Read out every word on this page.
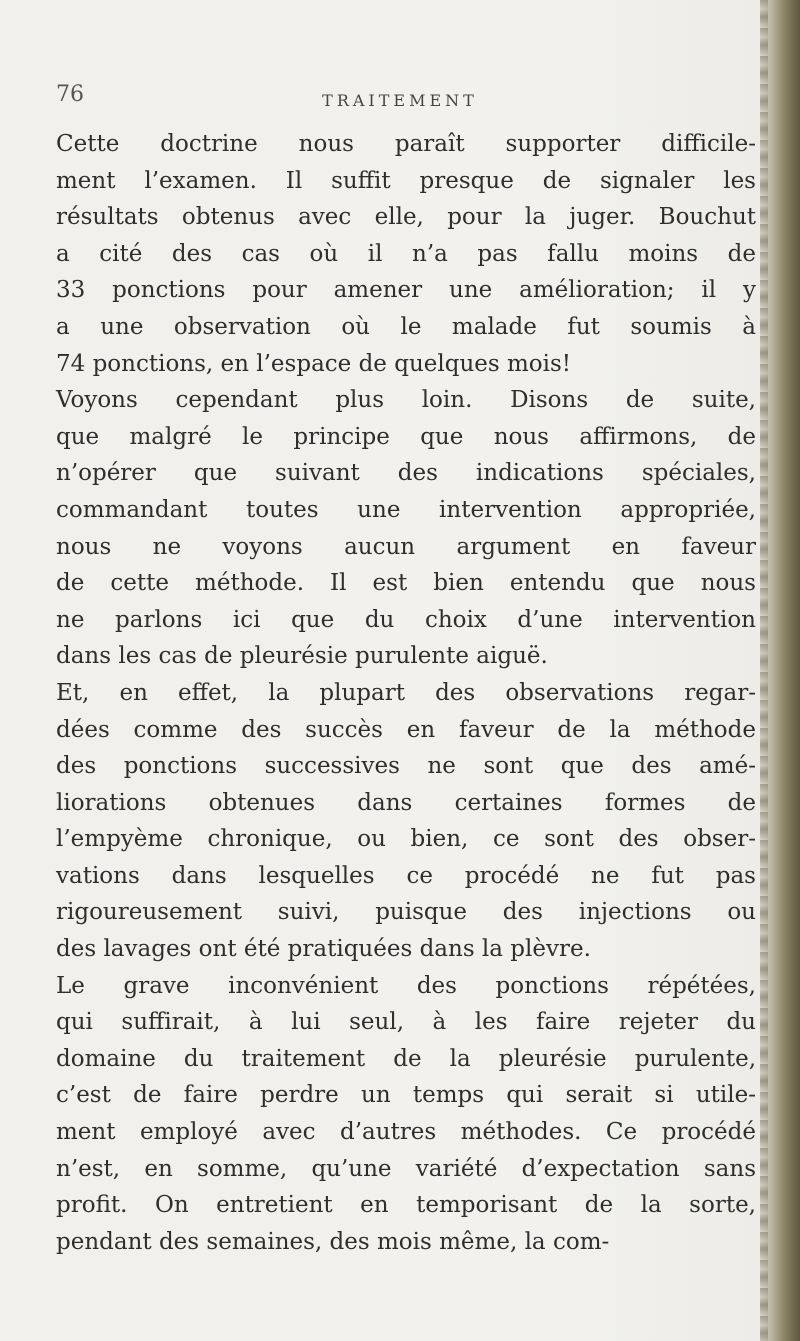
76	TRAITEMENT

Cette doctrine nous paraît supporter difficile-
ment l’examen. Il suffit presque de signaler les
résultats obtenus avec elle, pour la juger. Bouchut
a cité des cas où il n’a pas fallu moins de
33 ponctions pour amener une amélioration; il y
a une observation où le malade fut soumis à
74 ponctions, en l’espace de quelques mois!

Voyons cependant plus loin. Disons de suite,
que malgré le principe que nous affirmons, de
n’opérer que suivant des indications spéciales,
commandant toutes une intervention appropriée,
nous ne voyons aucun argument en faveur
de cette méthode. Il est bien entendu que nous
ne parlons ici que du choix d’une intervention
dans les cas de pleurésie purulente aiguë.

Et, en effet, la plupart des observations regar-
dées comme des succès en faveur de la méthode
des ponctions successives ne sont que des amé-
liorations obtenues dans certaines formes de
l’empyème chronique, ou bien, ce sont des obser-
vations dans lesquelles ce procédé ne fut pas
rigoureusement suivi, puisque des injections ou
des lavages ont été pratiquées dans la plèvre.

Le grave inconvénient des ponctions répétées,
qui suffirait, à lui seul, à les faire rejeter du
domaine du traitement de la pleurésie purulente,
c’est de faire perdre un temps qui serait si utile-
ment employé avec d’autres méthodes. Ce procédé
n’est, en somme, qu’une variété d’expectation sans
profit. On entretient en temporisant de la sorte,
pendant des semaines, des mois même, la com-
